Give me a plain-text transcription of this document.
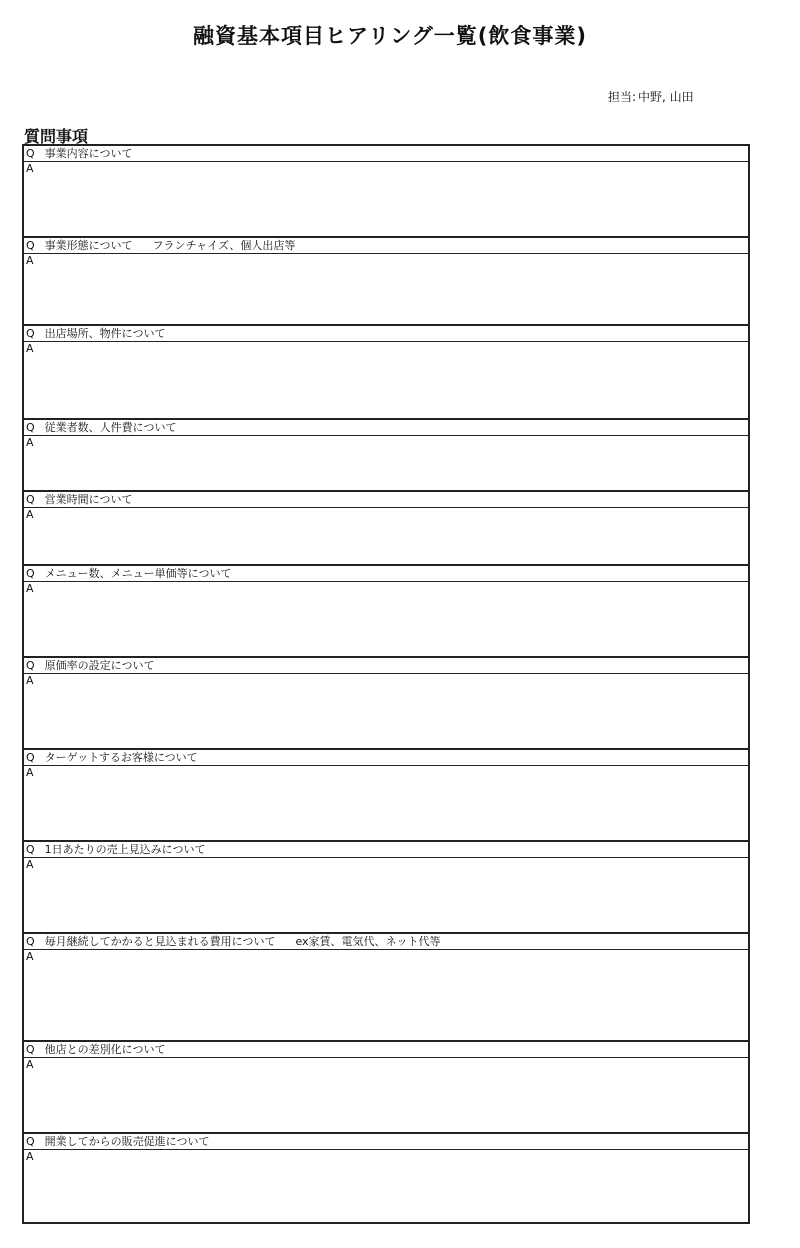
融資基本項目ヒアリング一覧(飲食事業)
担当: 中野, 山田
質問事項
Q 事業内容について
A
Q 事業形態について フランチャイズ、個人出店等
A
Q 出店場所、物件について
A
Q 従業者数、人件費について
A
Q 営業時間について
A
Q メニュー数、メニュー単価等について
A
Q 原価率の設定について
A
Q ターゲットするお客様について
A
Q 1日あたりの売上見込みについて
A
Q 毎月継続してかかると見込まれる費用について ex家賃、電気代、ネット代等
A
Q 他店との差別化について
A
Q 開業してからの販売促進について
A
